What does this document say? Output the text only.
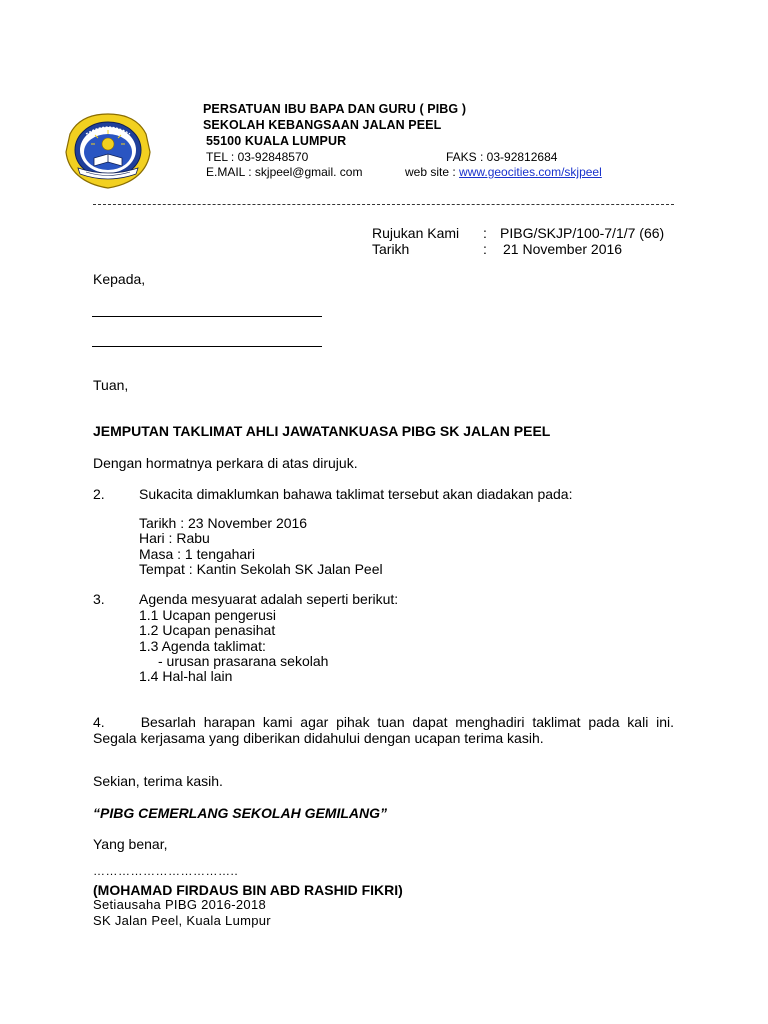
PERSATUAN IBU BAPA DAN GURU ( PIBG )
SEKOLAH KEBANGSAAN JALAN PEEL
55100 KUALA LUMPUR
TEL : 03-92848570	FAKS : 03-92812684
E.MAIL : skjpeel@gmail. com	web site : www.geocities.com/skjpeel
Rujukan Kami : PIBG/SKJP/100-7/1/7 (66)
Tarikh	: 21 November 2016
Kepada,
Tuan,
JEMPUTAN TAKLIMAT AHLI JAWATANKUASA PIBG SK JALAN PEEL
Dengan hormatnya perkara di atas dirujuk.
2. Sukacita dimaklumkan bahawa taklimat tersebut akan diadakan pada:
Tarikh : 23 November 2016
Hari : Rabu
Masa : 1 tengahari
Tempat : Kantin Sekolah SK Jalan Peel
3. Agenda mesyuarat adalah seperti berikut:
1.1 Ucapan pengerusi
1.2 Ucapan penasihat
1.3 Agenda taklimat:
- urusan prasarana sekolah
1.4 Hal-hal lain
4.	Besarlah harapan kami agar pihak tuan dapat menghadiri taklimat pada kali ini. Segala kerjasama yang diberikan didahului dengan ucapan terima kasih.
Sekian, terima kasih.
“PIBG CEMERLANG SEKOLAH GEMILANG”
Yang benar,
……………………………..
(MOHAMAD FIRDAUS BIN ABD RASHID FIKRI)
Setiausaha PIBG 2016-2018
SK Jalan Peel, Kuala Lumpur
